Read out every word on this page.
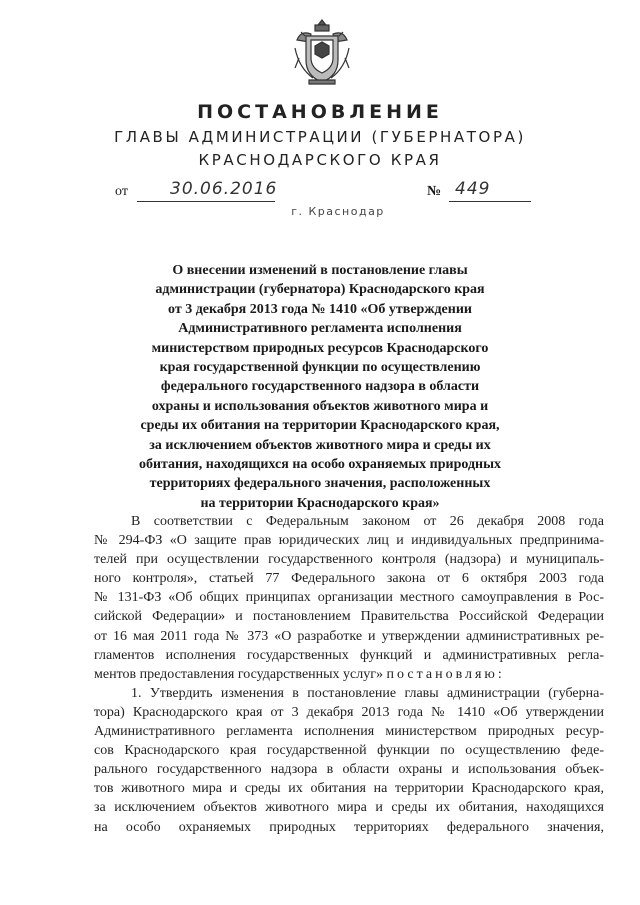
ПОСТАНОВЛЕНИЕ
ГЛАВЫ АДМИНИСТРАЦИИ (ГУБЕРНАТОРА)
КРАСНОДАРСКОГО КРАЯ
от 30.06.2016	№ 449
г. Краснодар
О внесении изменений в постановление главы
администрации (губернатора) Краснодарского края
от 3 декабря 2013 года № 1410 «Об утверждении
Административного регламента исполнения
министерством природных ресурсов Краснодарского
края государственной функции по осуществлению
федерального государственного надзора в области
охраны и использования объектов животного мира и
среды их обитания на территории Краснодарского края,
за исключением объектов животного мира и среды их
обитания, находящихся на особо охраняемых природных
территориях федерального значения, расположенных
на территории Краснодарского края»
В соответствии с Федеральным законом от 26 декабря 2008 года
№ 294-ФЗ «О защите прав юридических лиц и индивидуальных предпринима-
телей при осуществлении государственного контроля (надзора) и муниципаль-
ного контроля», статьей 77 Федерального закона от 6 октября 2003 года
№ 131-ФЗ «Об общих принципах организации местного самоуправления в Рос-
сийской Федерации» и постановлением Правительства Российской Федерации
от 16 мая 2011 года № 373 «О разработке и утверждении административных ре-
гламентов исполнения государственных функций и административных регла-
ментов предоставления государственных услуг» постановляю:
1. Утвердить изменения в постановление главы администрации (губерна-
тора) Краснодарского края от 3 декабря 2013 года № 1410 «Об утверждении
Административного регламента исполнения министерством природных ресур-
сов Краснодарского края государственной функции по осуществлению феде-
рального государственного надзора в области охраны и использования объек-
тов животного мира и среды их обитания на территории Краснодарского края,
за исключением объектов животного мира и среды их обитания, находящихся
на особо охраняемых природных территориях федерального значения,
